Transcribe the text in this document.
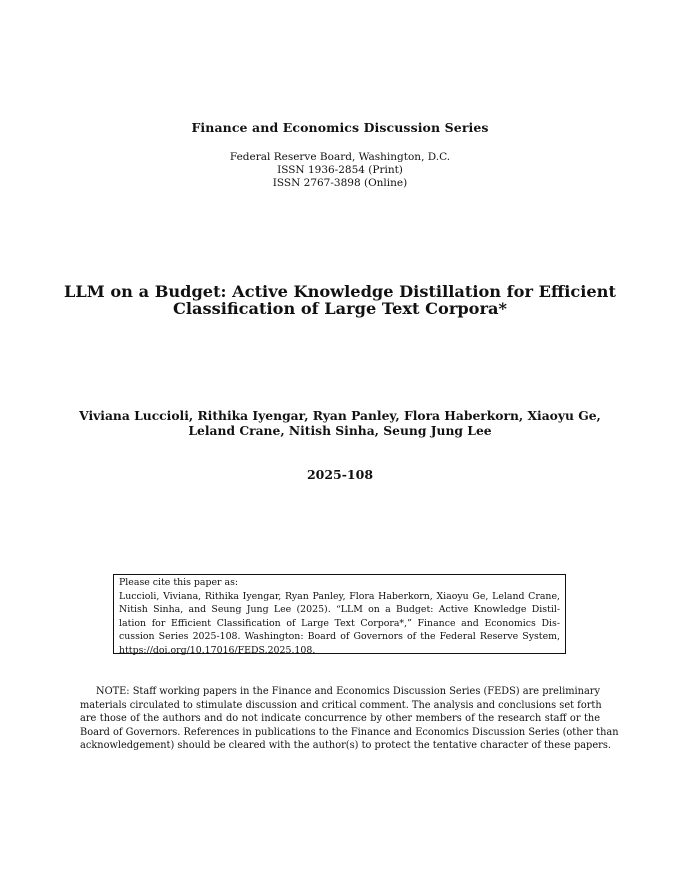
Finance and Economics Discussion Series
Federal Reserve Board, Washington, D.C.
ISSN 1936-2854 (Print)
ISSN 2767-3898 (Online)
LLM on a Budget: Active Knowledge Distillation for Efficient
Classification of Large Text Corpora*
Viviana Luccioli, Rithika Iyengar, Ryan Panley, Flora Haberkorn, Xiaoyu Ge,
Leland Crane, Nitish Sinha, Seung Jung Lee
2025-108
Please cite this paper as:
Luccioli, Viviana, Rithika Iyengar, Ryan Panley, Flora Haberkorn, Xiaoyu Ge, Leland Crane,
Nitish Sinha, and Seung Jung Lee (2025). “LLM on a Budget: Active Knowledge Distil-
lation for Efficient Classification of Large Text Corpora*,” Finance and Economics Dis-
cussion Series 2025-108. Washington: Board of Governors of the Federal Reserve System,
https://doi.org/10.17016/FEDS.2025.108.
NOTE: Staff working papers in the Finance and Economics Discussion Series (FEDS) are preliminary
materials circulated to stimulate discussion and critical comment. The analysis and conclusions set forth
are those of the authors and do not indicate concurrence by other members of the research staff or the
Board of Governors. References in publications to the Finance and Economics Discussion Series (other than
acknowledgement) should be cleared with the author(s) to protect the tentative character of these papers.
